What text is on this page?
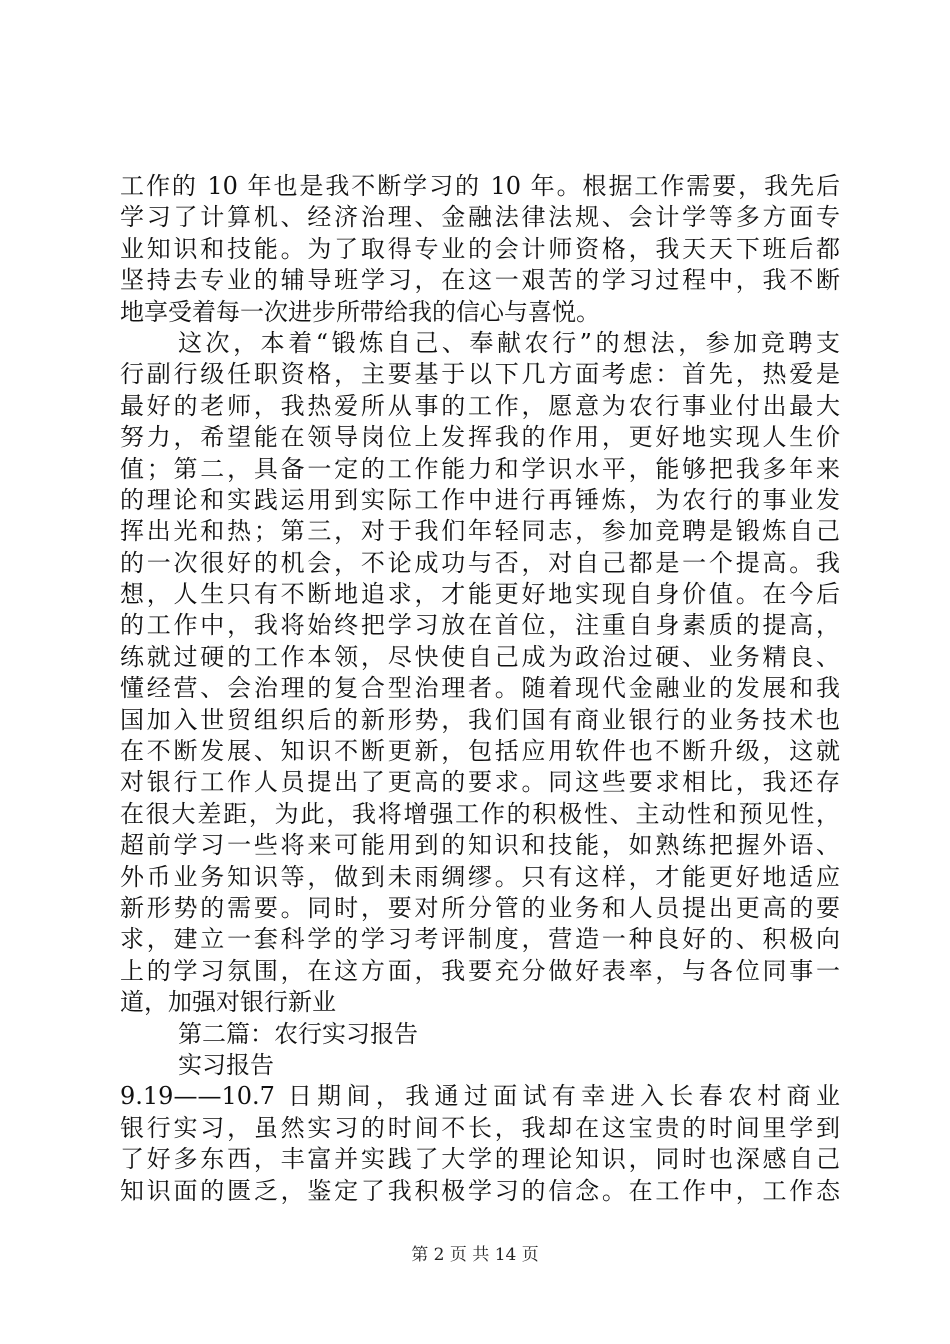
工作的 10 年也是我不断学习的 10 年。根据工作需要，我先后
学习了计算机、经济治理、金融法律法规、会计学等多方面专
业知识和技能。为了取得专业的会计师资格，我天天下班后都
坚持去专业的辅导班学习，在这一艰苦的学习过程中，我不断
地享受着每一次进步所带给我的信心与喜悦。
这次，本着“锻炼自己、奉献农行”的想法，参加竞聘支
行副行级任职资格，主要基于以下几方面考虑：首先，热爱是
最好的老师，我热爱所从事的工作，愿意为农行事业付出最大
努力，希望能在领导岗位上发挥我的作用，更好地实现人生价
值；第二，具备一定的工作能力和学识水平，能够把我多年来
的理论和实践运用到实际工作中进行再锤炼，为农行的事业发
挥出光和热；第三，对于我们年轻同志，参加竞聘是锻炼自己
的一次很好的机会，不论成功与否，对自己都是一个提高。我
想，人生只有不断地追求，才能更好地实现自身价值。在今后
的工作中，我将始终把学习放在首位，注重自身素质的提高，
练就过硬的工作本领，尽快使自己成为政治过硬、业务精良、
懂经营、会治理的复合型治理者。随着现代金融业的发展和我
国加入世贸组织后的新形势，我们国有商业银行的业务技术也
在不断发展、知识不断更新，包括应用软件也不断升级，这就
对银行工作人员提出了更高的要求。同这些要求相比，我还存
在很大差距，为此，我将增强工作的积极性、主动性和预见性，
超前学习一些将来可能用到的知识和技能，如熟练把握外语、
外币业务知识等，做到未雨绸缪。只有这样，才能更好地适应
新形势的需要。同时，要对所分管的业务和人员提出更高的要
求，建立一套科学的学习考评制度，营造一种良好的、积极向
上的学习氛围，在这方面，我要充分做好表率，与各位同事一
道，加强对银行新业
第二篇：农行实习报告
实习报告
9.19——10.7 日期间，我通过面试有幸进入长春农村商业
银行实习，虽然实习的时间不长，我却在这宝贵的时间里学到
了好多东西，丰富并实践了大学的理论知识，同时也深感自己
知识面的匮乏，鉴定了我积极学习的信念。在工作中，工作态
第 2 页 共 14 页
